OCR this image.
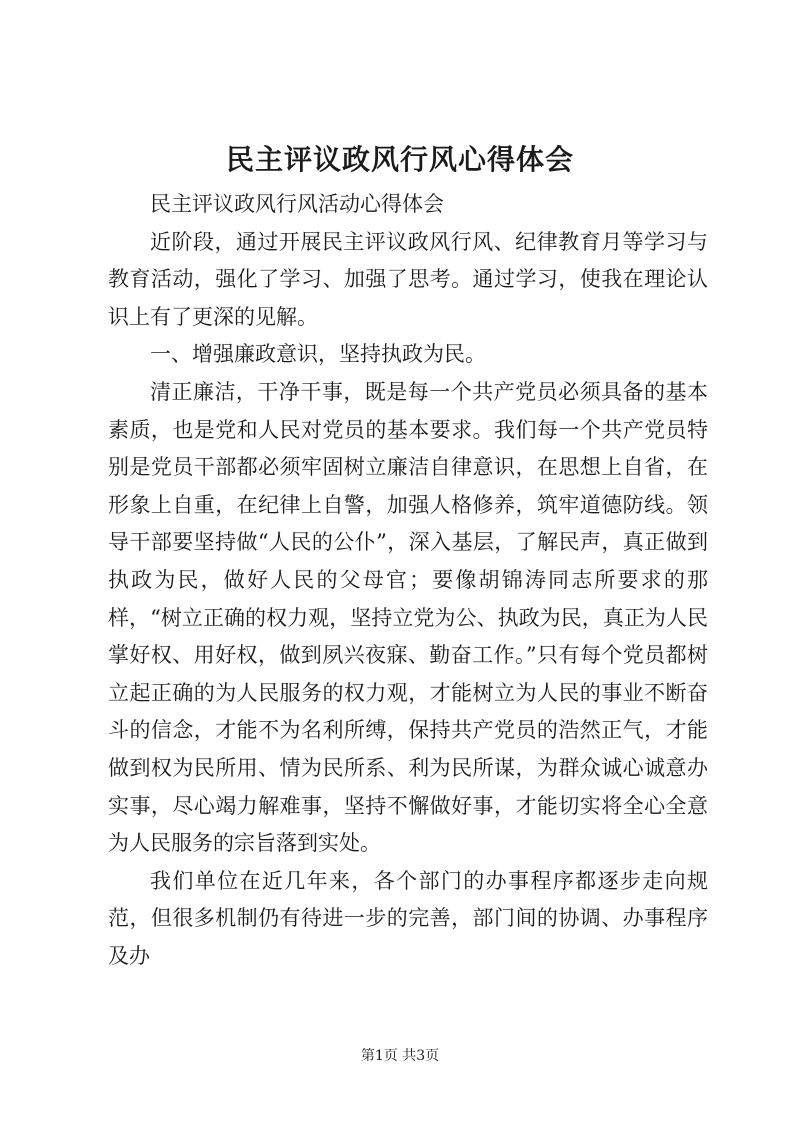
民主评议政风行风心得体会

民主评议政风行风活动心得体会

近阶段，通过开展民主评议政风行风、纪律教育月等学习与教育活动，强化了学习、加强了思考。通过学习，使我在理论认识上有了更深的见解。

一、增强廉政意识，坚持执政为民。

清正廉洁，干净干事，既是每一个共产党员必须具备的基本素质，也是党和人民对党员的基本要求。我们每一个共产党员特别是党员干部都必须牢固树立廉洁自律意识，在思想上自省，在形象上自重，在纪律上自警，加强人格修养，筑牢道德防线。领导干部要坚持做“人民的公仆”，深入基层，了解民声，真正做到执政为民，做好人民的父母官；要像胡锦涛同志所要求的那样，“树立正确的权力观，坚持立党为公、执政为民，真正为人民掌好权、用好权，做到夙兴夜寐、勤奋工作。”只有每个党员都树立起正确的为人民服务的权力观，才能树立为人民的事业不断奋斗的信念，才能不为名利所缚，保持共产党员的浩然正气，才能做到权为民所用、情为民所系、利为民所谋，为群众诚心诚意办实事，尽心竭力解难事，坚持不懈做好事，才能切实将全心全意为人民服务的宗旨落到实处。

我们单位在近几年来，各个部门的办事程序都逐步走向规范，但很多机制仍有待进一步的完善，部门间的协调、办事程序及办

第1页 共3页
